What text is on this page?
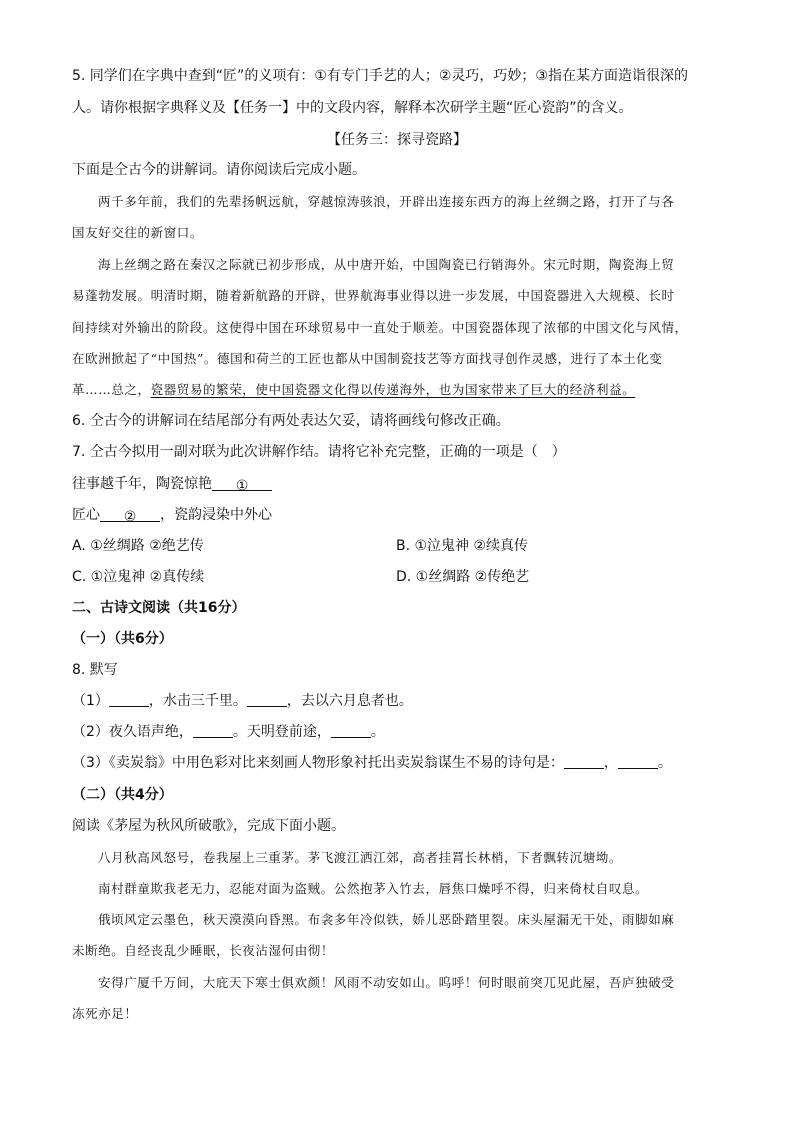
5. 同学们在字典中查到“匠”的义项有：①有专门手艺的人；②灵巧，巧妙；③指在某方面造诣很深的
人。请你根据字典释义及【任务一】中的文段内容，解释本次研学主题“匠心瓷韵”的含义。
【任务三：探寻瓷路】
下面是仝古今的讲解词。请你阅读后完成小题。
两千多年前，我们的先辈扬帆远航，穿越惊涛骇浪，开辟出连接东西方的海上丝绸之路，打开了与各
国友好交往的新窗口。
海上丝绸之路在秦汉之际就已初步形成，从中唐开始，中国陶瓷已行销海外。宋元时期，陶瓷海上贸
易蓬勃发展。明清时期，随着新航路的开辟，世界航海事业得以进一步发展，中国瓷器进入大规模、长时
间持续对外输出的阶段。这使得中国在环球贸易中一直处于顺差。中国瓷器体现了浓郁的中国文化与风情，
在欧洲掀起了“中国热”。德国和荷兰的工匠也都从中国制瓷技艺等方面找寻创作灵感，进行了本土化变
革……总之，瓷器贸易的繁荣，使中国瓷器文化得以传递海外，也为国家带来了巨大的经济利益。
6. 仝古今的讲解词在结尾部分有两处表达欠妥，请将画线句修改正确。
7. 仝古今拟用一副对联为此次讲解作结。请将它补充完整，正确的一项是（　）
往事越千年，陶瓷惊艳 ①
匠心 ② ，瓷韵浸染中外心
A. ①丝绸路 ②绝艺传	B. ①泣鬼神 ②续真传
C. ①泣鬼神 ②真传续	D. ①丝绸路 ②传绝艺
二、古诗文阅读（共16分）
（一）（共6分）
8. 默写
（1）	，水击三千里。	，去以六月息者也。
（2）夜久语声绝，	。天明登前途，	。
（3）《卖炭翁》中用色彩对比来刻画人物形象衬托出卖炭翁谋生不易的诗句是：	，	。
（二）（共4分）
阅读《茅屋为秋风所破歌》，完成下面小题。
八月秋高风怒号，卷我屋上三重茅。茅飞渡江洒江郊，高者挂罥长林梢，下者飘转沉塘坳。
南村群童欺我老无力，忍能对面为盗贼。公然抱茅入竹去，唇焦口燥呼不得，归来倚杖自叹息。
俄顷风定云墨色，秋天漠漠向昏黑。布衾多年冷似铁，娇儿恶卧踏里裂。床头屋漏无干处，雨脚如麻
未断绝。自经丧乱少睡眠，长夜沾湿何由彻！
安得广厦千万间，大庇天下寒士俱欢颜！风雨不动安如山。呜呼！何时眼前突兀见此屋，吾庐独破受
冻死亦足！
